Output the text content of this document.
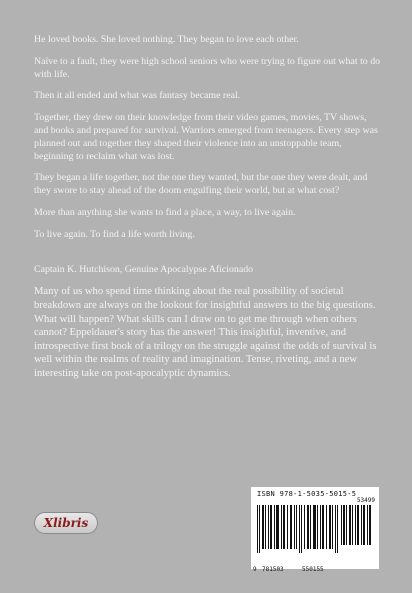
He loved books. She loved nothing. They began to love each other.

Naïve to a fault, they were high school seniors who were trying to figure out what to do with life.

Then it all ended and what was fantasy became real.

Together, they drew on their knowledge from their video games, movies, TV shows, and books and prepared for survival. Warriors emerged from teenagers. Every step was planned out and together they shaped their violence into an unstoppable team, beginning to reclaim what was lost.

They began a life together, not the one they wanted, but the one they were dealt, and they swore to stay ahead of the doom engulfing their world, but at what cost?

More than anything she wants to find a place, a way, to live again.

To live again. To find a life worth living.

Captain K. Hutchison, Genuine Apocalypse Aficionado

Many of us who spend time thinking about the real possibility of societal breakdown are always on the lookout for insightful answers to the big questions. What will happen? What skills can I draw on to get me through when others cannot? Eppeldauer's story has the answer! This insightful, inventive, and introspective first book of a trilogy on the struggle against the odds of survival is well within the realms of reality and imagination. Tense, riveting, and a new interesting take on post-apocalyptic dynamics.

Xlibris

ISBN 978-1-5035-5015-5

53499
9 781503	550155
